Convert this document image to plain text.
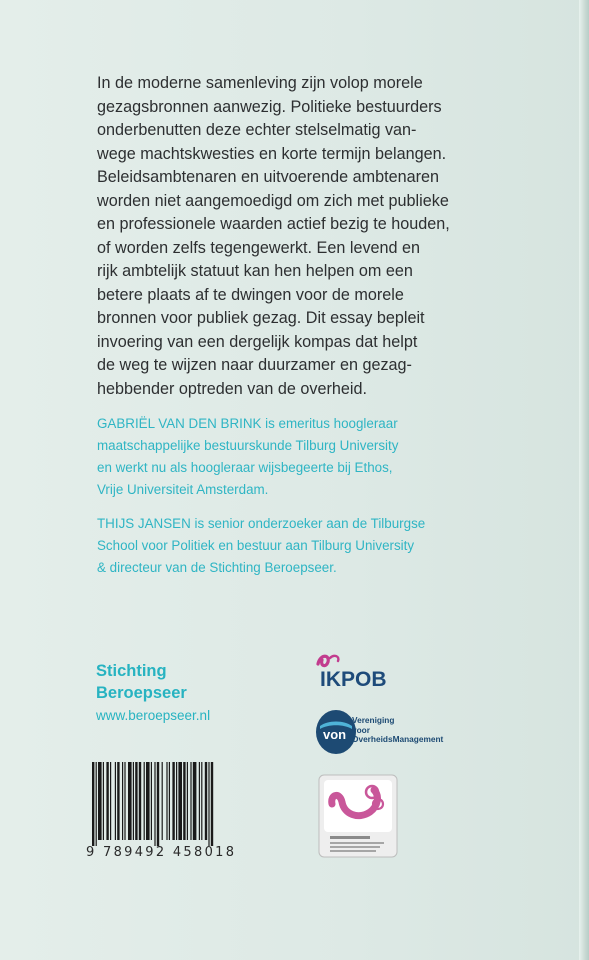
In de moderne samenleving zijn volop morele
gezagsbronnen aanwezig. Politieke bestuurders
onderbenutten deze echter stelselmatig van-
wege machtskwesties en korte termijn belangen.
Beleidsambtenaren en uitvoerende ambtenaren
worden niet aangemoedigd om zich met publieke
en professionele waarden actief bezig te houden,
of worden zelfs tegengewerkt. Een levend en
rijk ambtelijk statuut kan hen helpen om een
betere plaats af te dwingen voor de morele
bronnen voor publiek gezag. Dit essay bepleit
invoering van een dergelijk kompas dat helpt
de weg te wijzen naar duurzamer en gezag-
hebbender optreden van de overheid.

GABRIËL VAN DEN BRINK is emeritus hoogleraar
maatschappelijke bestuurskunde Tilburg University
en werkt nu als hoogleraar wijsbegeerte bij Ethos,
Vrije Universiteit Amsterdam.

THIJS JANSEN is senior onderzoeker aan de Tilburgse
School voor Politiek en bestuur aan Tilburg University
& directeur van de Stichting Beroepseer.

Stichting
Beroepseer
www.beroepseer.nl
9 789492 458018
IKPOB
von
Vereniging
voor
OverheidsManagement
